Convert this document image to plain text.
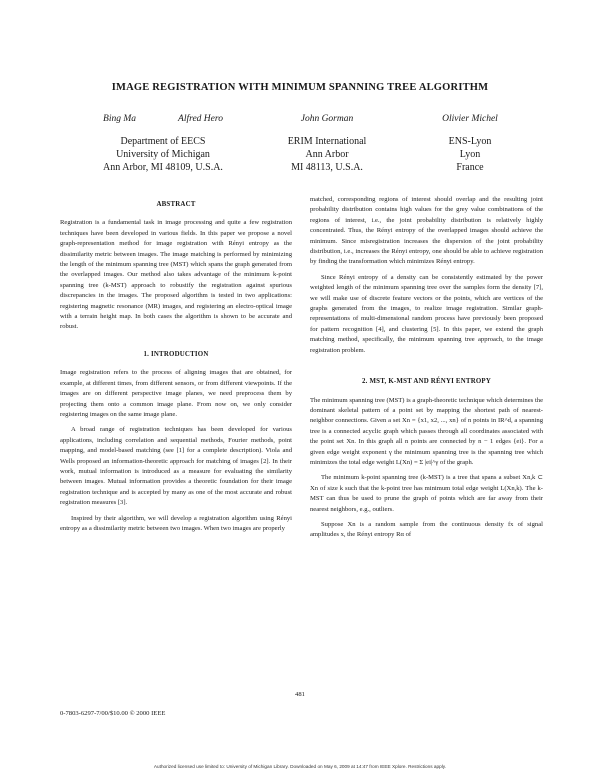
IMAGE REGISTRATION WITH MINIMUM SPANNING TREE ALGORITHM
Bing Ma	Alfred Hero
Department of EECS
University of Michigan
Ann Arbor, MI 48109, U.S.A.
John Gorman
ERIM International
Ann Arbor
MI 48113, U.S.A.
Olivier Michel
ENS-Lyon
Lyon
France
ABSTRACT

Registration is a fundamental task in image processing and quite a few registration techniques have been developed in various fields. In this paper we propose a novel graph-representation method for image registration with Rényi entropy as the dissimilarity metric between images. The image matching is performed by minimizing the length of the minimum spanning tree (MST) which spans the graph generated from the overlapped images. Our method also takes advantage of the minimum k-point spanning tree (k-MST) approach to robustify the registration against spurious discrepancies in the images. The proposed algorithm is tested in two applications: registering magnetic resonance (MR) images, and registering an electro-optical image with a terrain height map. In both cases the algorithm is shown to be accurate and robust.

1. INTRODUCTION

Image registration refers to the process of aligning images that are obtained, for example, at different times, from different sensors, or from different viewpoints. If the images are on different perspective image planes, we need preprocess them by projecting them onto a common image plane. From now on, we only consider registering images on the same image plane.

A broad range of registration techniques has been developed for various applications, including correlation and sequential methods, Fourier methods, point mapping, and model-based matching (see [1] for a complete description). Viola and Wells proposed an information-theoretic approach for matching of images [2]. In their work, mutual information is introduced as a measure for evaluating the similarity between images. Mutual information provides a theoretic foundation for their image registration technique and is accepted by many as one of the most accurate and robust registration measures [3].

Inspired by their algorithm, we will develop a registration algorithm using Rényi entropy as a dissimilarity metric between two images. When two images are properly

matched, corresponding regions of interest should overlap and the resulting joint probability distribution contains high values for the grey value combinations of the regions of interest, i.e., the joint probability distribution is relatively highly concentrated. Thus, the Rényi entropy of the overlapped images should achieve the minimum. Since misregistration increases the dispersion of the joint probability distribution, i.e., increases the Rényi entropy, one should be able to achieve registration by finding the transformation which minimizes Rényi entropy.

Since Rényi entropy of a density can be consistently estimated by the power weighted length of the minimum spanning tree over the samples form the density [7], we will make use of discrete feature vectors or the points, which are vertices of the graphs generated from the images, to realize image registration. Similar graph-representations of multi-dimensional random process have previously been proposed for pattern recognition [4], and clustering [5]. In this paper, we extend the graph matching method, specifically, the minimum spanning tree approach, to the image registration problem.

2. MST, K-MST AND RÉNYI ENTROPY

The minimum spanning tree (MST) is a graph-theoretic technique which determines the dominant skeletal pattern of a point set by mapping the shortest path of nearest-neighbor connections. Given a set Xn = {x1, x2, ..., xn} of n points in IR^d, a spanning tree is a connected acyclic graph which passes through all coordinates associated with the point set Xn. In this graph all n points are connected by n − 1 edges {ei}. For a given edge weight exponent γ the minimum spanning tree is the spanning tree which minimizes the total edge weight L(Xn) = Σ |ei|^γ of the graph.

The minimum k-point spanning tree (k-MST) is a tree that spans a subset Xn,k ⊂ Xn of size k such that the k-point tree has minimum total edge weight L(Xn,k). The k-MST can thus be used to prune the graph of points which are far away from their nearest neighbors, e.g., outliers.

Suppose Xn is a random sample from the continuous density fx of signal amplitudes x, the Rényi entropy Rα of

481
0-7803-6297-7/00/$10.00 © 2000 IEEE
Authorized licensed use limited to: University of Michigan Library. Downloaded on May 6, 2009 at 14:47 from IEEE Xplore. Restrictions apply.
